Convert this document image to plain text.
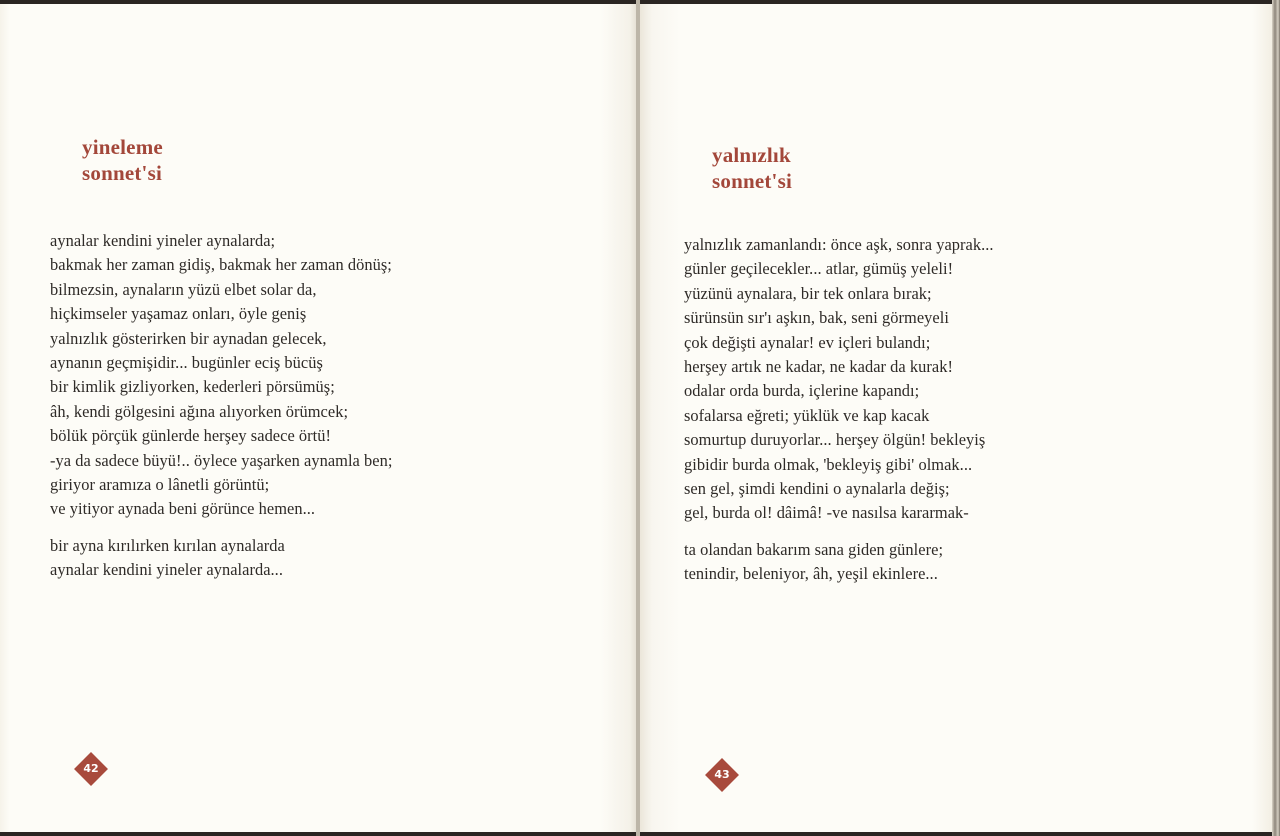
yineleme
sonnet'si

aynalar kendini yineler aynalarda;
bakmak her zaman gidiş, bakmak her zaman dönüş;
bilmezsin, aynaların yüzü elbet solar da,
hiçkimseler yaşamaz onları, öyle geniş
yalnızlık gösterirken bir aynadan gelecek,
aynanın geçmişidir... bugünler eciş bücüş
bir kimlik gizliyorken, kederleri pörsümüş;
âh, kendi gölgesini ağına alıyorken örümcek;
bölük pörçük günlerde herşey sadece örtü!
-ya da sadece büyü!.. öylece yaşarken aynamla ben;
giriyor aramıza o lânetli görüntü;
ve yitiyor aynada beni görünce hemen...

bir ayna kırılırken kırılan aynalarda
aynalar kendini yineler aynalarda...

42
yalnızlık
sonnet'si

yalnızlık zamanlandı: önce aşk, sonra yaprak...
günler geçilecekler... atlar, gümüş yeleli!
yüzünü aynalara, bir tek onlara bırak;
sürünsün sır'ı aşkın, bak, seni görmeyeli
çok değişti aynalar! ev içleri bulandı;
herşey artık ne kadar, ne kadar da kurak!
odalar orda burda, içlerine kapandı;
sofalarsa eğreti; yüklük ve kap kacak
somurtup duruyorlar... herşey ölgün! bekleyiş
gibidir burda olmak, 'bekleyiş gibi' olmak...
sen gel, şimdi kendini o aynalarla değiş;
gel, burda ol! dâimâ! -ve nasılsa kararmak-

ta olandan bakarım sana giden günlere;
tenindir, beleniyor, âh, yeşil ekinlere...

43
